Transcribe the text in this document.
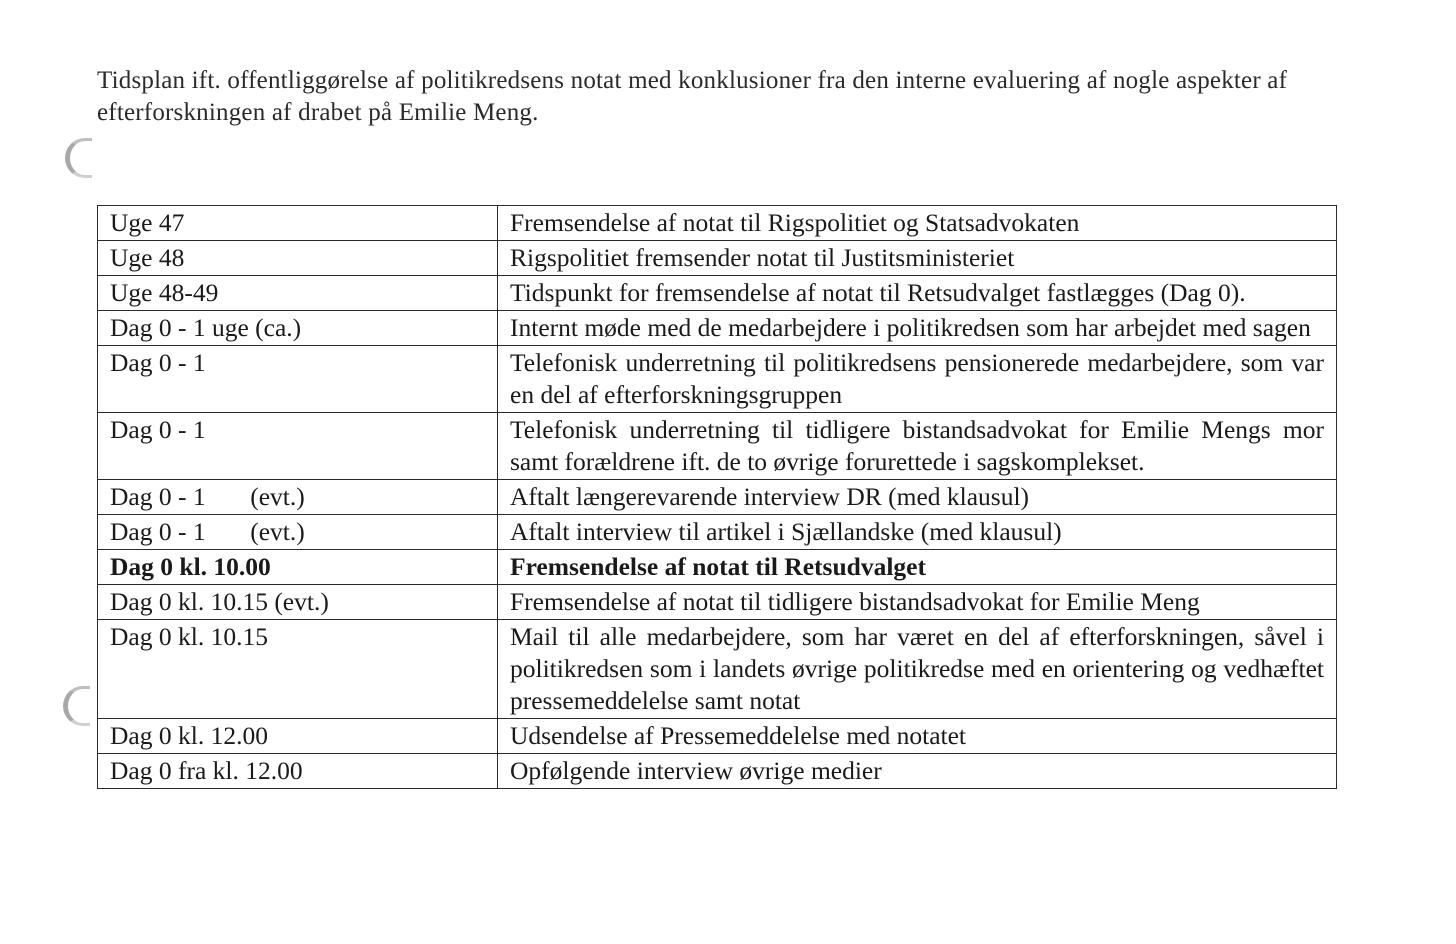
Tidsplan ift. offentliggørelse af politikredsens notat med konklusioner fra den interne evaluering af nogle aspekter af efterforskningen af drabet på Emilie Meng.

Uge 47	Fremsendelse af notat til Rigspolitiet og Statsadvokaten
Uge 48	Rigspolitiet fremsender notat til Justitsministeriet
Uge 48-49	Tidspunkt for fremsendelse af notat til Retsudvalget fastlægges (Dag 0).
Dag 0 - 1 uge (ca.)	Internt møde med de medarbejdere i politikredsen som har arbejdet med sagen
Dag 0 - 1	Telefonisk underretning til politikredsens pensionerede medarbejdere, som var en del af efterforskningsgruppen
Dag 0 - 1	Telefonisk underretning til tidligere bistandsadvokat for Emilie Mengs mor samt forældrene ift. de to øvrige forurettede i sagskomplekset.
Dag 0 - 1       (evt.)	Aftalt længerevarende interview DR (med klausul)
Dag 0 - 1       (evt.)	Aftalt interview til artikel i Sjællandske (med klausul)
Dag 0 kl. 10.00	Fremsendelse af notat til Retsudvalget
Dag 0 kl. 10.15 (evt.)	Fremsendelse af notat til tidligere bistandsadvokat for Emilie Meng
Dag 0 kl. 10.15	Mail til alle medarbejdere, som har været en del af efterforskningen, såvel i politikredsen som i landets øvrige politikredse med en orientering og vedhæftet pressemeddelelse samt notat
Dag 0 kl. 12.00	Udsendelse af Pressemeddelelse med notatet
Dag 0 fra kl. 12.00	Opfølgende interview øvrige medier
